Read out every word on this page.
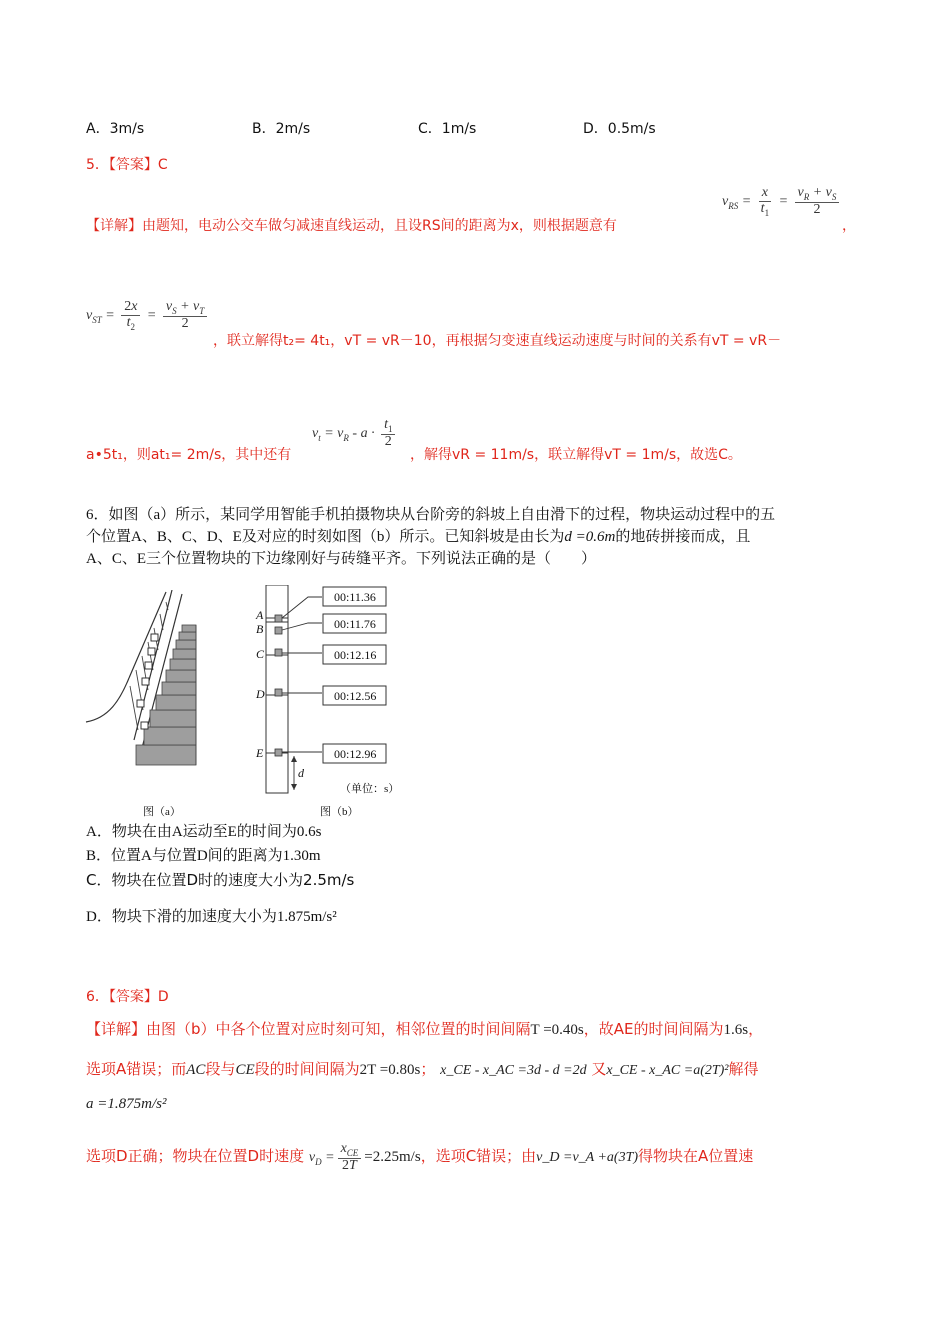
A．3m/s	B．2m/s	C．1m/s	D．0.5m/s
5．【答案】C
【详解】由题知，电动公交车做匀减速直线运动，且设RS间的距离为x，则根据题意有
$v_{RS} = \frac{x}{t_1} = \frac{v_R + v_S}{2}$
，
$v_{ST} = \frac{2x}{t_2} = \frac{v_S + v_T}{2}$
，联立解得t₂= 4t₁，vT = vR－10，再根据匀变速直线运动速度与时间的关系有vT = vR－
a•5t₁，则at₁= 2m/s，其中还有
$v_t = v_R - a \cdot \frac{t_1}{2}$
，解得vR = 11m/s，联立解得vT = 1m/s，故选C。
6．如图（a）所示，某同学用智能手机拍摄物块从台阶旁的斜坡上自由滑下的过程，物块运动过程中的五
个位置A、B、C、D、E及对应的时刻如图（b）所示。已知斜坡是由长为d =0.6m的地砖拼接而成，且
A、C、E三个位置物块的下边缘刚好与砖缝平齐。下列说法正确的是（　　）
图（a）
00:11.36
00:11.76
00:12.16
00:12.56
00:12.96
A
B
C
D
E
d
（单位：s）
图（b）
A．物块在由A运动至E的时间为0.6s
B．位置A与位置D间的距离为1.30m
C．物块在位置D时的速度大小为2.5m/s
D．物块下滑的加速度大小为1.875m/s²
6．【答案】D
【详解】由图（b）中各个位置对应时刻可知，相邻位置的时间间隔T =0.40s，故AE的时间间隔为1.6s，
选项A错误；而AC段与CE段的时间间隔为2T =0.80s； x_CE - x_AC =3d - d =2d 又x_CE - x_AC =a(2T)²解得
a =1.875m/s²
选项D正确；物块在位置D时速度 $v_D = \frac{x_{CE}}{2T} =2.25m/s$，选项C错误；由v_D =v_A +a(3T)得物块在A位置速
